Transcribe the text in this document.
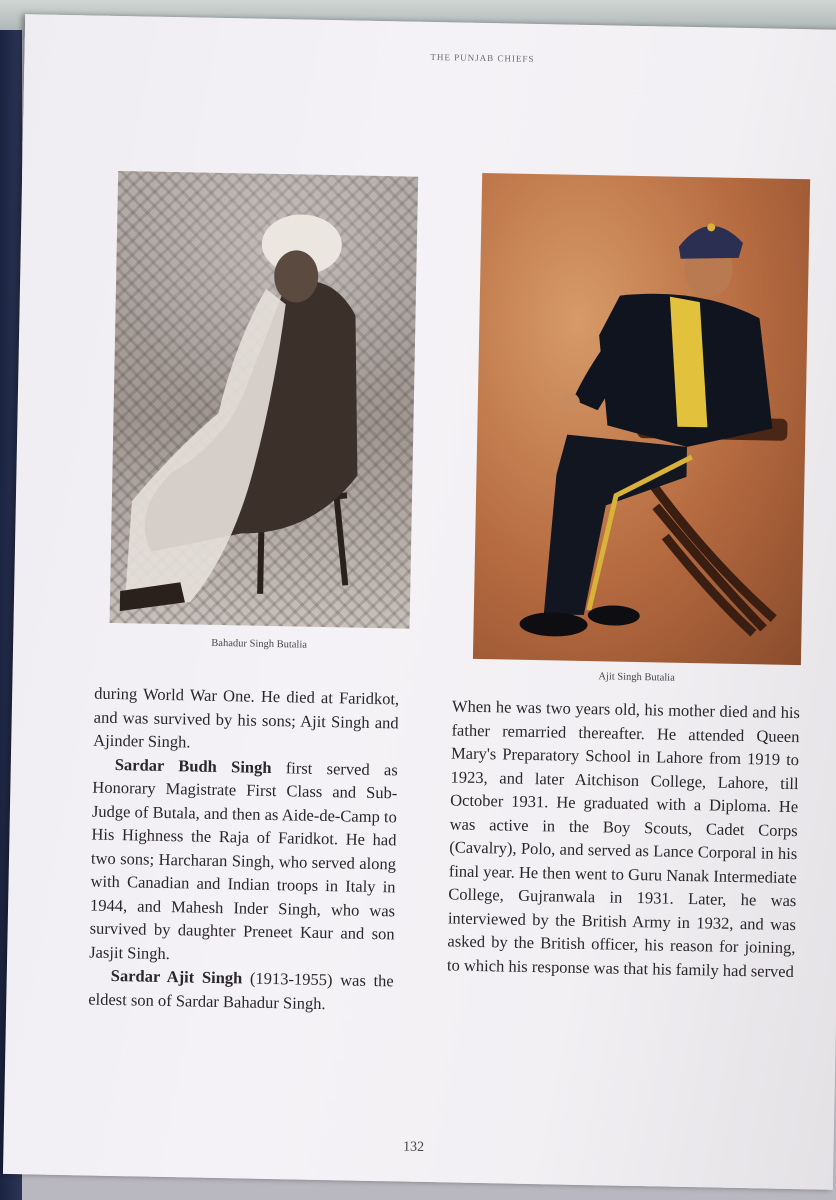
THE PUNJAB CHIEFS
Bahadur Singh Butalia
Ajit Singh Butalia

during World War One. He died at Faridkot, and was survived by his sons; Ajit Singh and Ajinder Singh.

Sardar Budh Singh first served as Honorary Magistrate First Class and Sub-Judge of Butala, and then as Aide-de-Camp to His Highness the Raja of Faridkot. He had two sons; Harcharan Singh, who served along with Canadian and Indian troops in Italy in 1944, and Mahesh Inder Singh, who was survived by daughter Preneet Kaur and son Jasjit Singh.

Sardar Ajit Singh (1913-1955) was the eldest son of Sardar Bahadur Singh.

When he was two years old, his mother died and his father remarried thereafter. He attended Queen Mary's Preparatory School in Lahore from 1919 to 1923, and later Aitchison College, Lahore, till October 1931. He graduated with a Diploma. He was active in the Boy Scouts, Cadet Corps (Cavalry), Polo, and served as Lance Corporal in his final year. He then went to Guru Nanak Intermediate College, Gujranwala in 1931. Later, he was interviewed by the British Army in 1932, and was asked by the British officer, his reason for joining, to which his response was that his family had served

132
